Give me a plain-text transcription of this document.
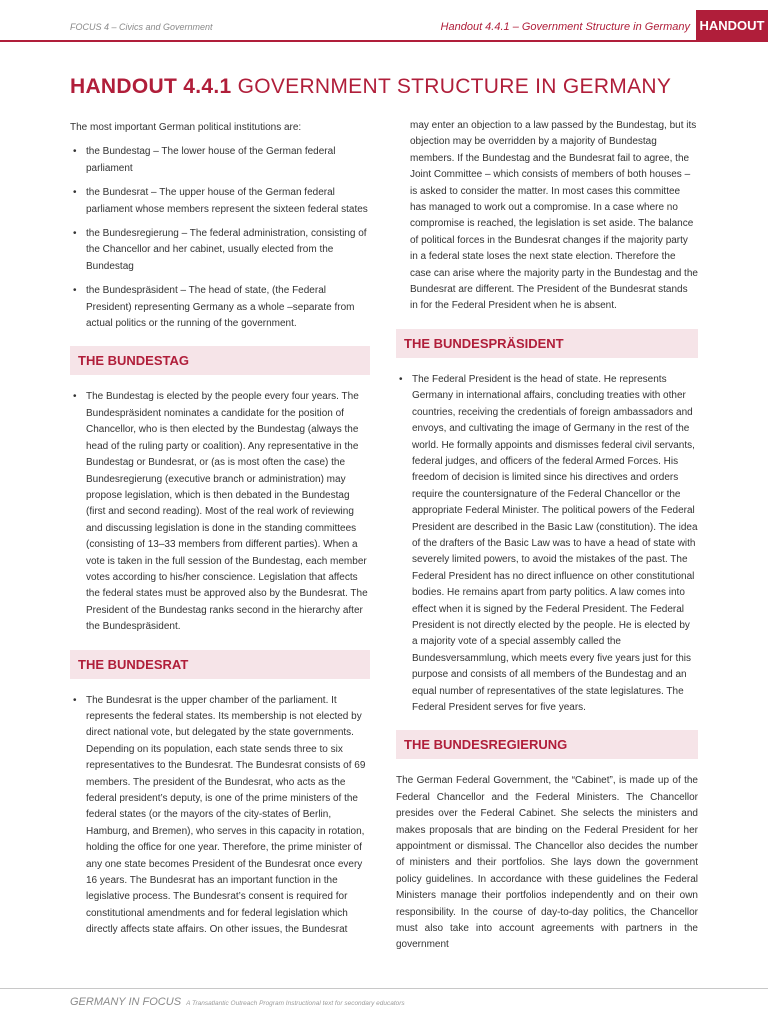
FOCUS 4 – Civics and Government	Handout 4.4.1 – Government Structure in Germany HANDOUT
HANDOUT 4.4.1 GOVERNMENT STRUCTURE IN GERMANY

The most important German political institutions are:

• the Bundestag – The lower house of the German federal parliament
• the Bundesrat – The upper house of the German federal parliament whose members represent the sixteen federal states
• the Bundesregierung – The federal administration, consisting of the Chancellor and her cabinet, usually elected from the Bundestag
• the Bundespräsident – The head of state, (the Federal President) representing Germany as a whole –separate from actual politics or the running of the government.
THE BUNDESTAG
• The Bundestag is elected by the people every four years. The Bundespräsident nominates a candidate for the position of Chancellor, who is then elected by the Bundestag (always the head of the ruling party or coalition). Any representative in the Bundestag or Bundesrat, or (as is most often the case) the Bundesregierung (executive branch or administration) may propose legislation, which is then debated in the Bundestag (first and second reading). Most of the real work of reviewing and discussing legislation is done in the standing committees (consisting of 13–33 members from different parties). When a vote is taken in the full session of the Bundestag, each member votes according to his/her conscience. Legislation that affects the federal states must be approved also by the Bundesrat. The President of the Bundestag ranks second in the hierarchy after the Bundespräsident.
THE BUNDESRAT
• The Bundesrat is the upper chamber of the parliament. It represents the federal states. Its membership is not elected by direct national vote, but delegated by the state governments. Depending on its population, each state sends three to six representatives to the Bundesrat. The Bundesrat consists of 69 members. The president of the Bundesrat, who acts as the federal president’s deputy, is one of the prime ministers of the federal states (or the mayors of the city-states of Berlin, Hamburg, and Bremen), who serves in this capacity in rotation, holding the office for one year. Therefore, the prime minister of any one state becomes President of the Bundesrat once every 16 years. The Bundesrat has an important function in the legislative process. The Bundesrat’s consent is required for constitutional amendments and for federal legislation which directly affects state affairs. On other issues, the Bundesrat

may enter an objection to a law passed by the Bundestag, but its objection may be overridden by a majority of Bundestag members. If the Bundestag and the Bundesrat fail to agree, the Joint Committee – which consists of members of both houses – is asked to consider the matter. In most cases this committee has managed to work out a compromise. In a case where no compromise is reached, the legislation is set aside. The balance of political forces in the Bundesrat changes if the majority party in a federal state loses the next state election. Therefore the case can arise where the majority party in the Bundestag and the Bundesrat are different. The President of the Bundesrat stands in for the Federal President when he is absent.

THE BUNDESPRÄSIDENT
• The Federal President is the head of state. He represents Germany in international affairs, concluding treaties with other countries, receiving the credentials of foreign ambassadors and envoys, and cultivating the image of Germany in the rest of the world. He formally appoints and dismisses federal civil servants, federal judges, and officers of the federal Armed Forces. His freedom of decision is limited since his directives and orders require the countersignature of the Federal Chancellor or the appropriate Federal Minister. The political powers of the Federal President are described in the Basic Law (constitution). The idea of the drafters of the Basic Law was to have a head of state with severely limited powers, to avoid the mistakes of the past. The Federal President has no direct influence on other constitutional bodies. He remains apart from party politics. A law comes into effect when it is signed by the Federal President. The Federal President is not directly elected by the people. He is elected by a majority vote of a special assembly called the Bundesversammlung, which meets every five years just for this purpose and consists of all members of the Bundestag and an equal number of representatives of the state legislatures. The Federal President serves for five years.
THE BUNDESREGIERUNG

The German Federal Government, the “Cabinet”, is made up of the Federal Chancellor and the Federal Ministers. The Chancellor presides over the Federal Cabinet. She selects the ministers and makes proposals that are binding on the Federal President for her appointment or dismissal. The Chancellor also decides the number of ministers and their portfolios. She lays down the government policy guidelines. In accordance with these guidelines the Federal Ministers manage their portfolios independently and on their own responsibility. In the course of day-to-day politics, the Chancellor must also take into account agreements with partners in the government

GERMANY IN FOCUS A Transatlantic Outreach Program Instructional text for secondary educators
